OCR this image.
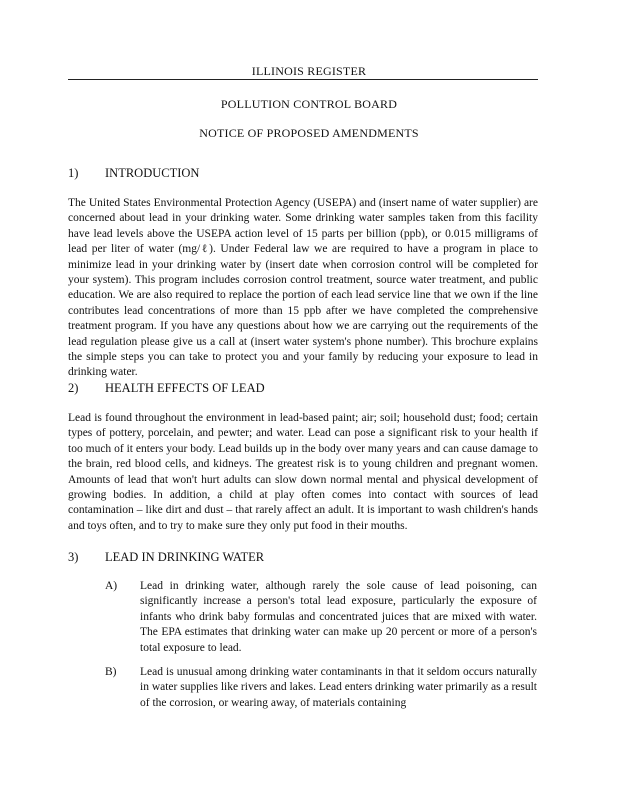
ILLINOIS REGISTER
POLLUTION CONTROL BOARD
NOTICE OF PROPOSED AMENDMENTS
1) INTRODUCTION
The United States Environmental Protection Agency (USEPA) and (insert name of water supplier) are concerned about lead in your drinking water. Some drinking water samples taken from this facility have lead levels above the USEPA action level of 15 parts per billion (ppb), or 0.015 milligrams of lead per liter of water (mg/ℓ). Under Federal law we are required to have a program in place to minimize lead in your drinking water by (insert date when corrosion control will be completed for your system). This program includes corrosion control treatment, source water treatment, and public education. We are also required to replace the portion of each lead service line that we own if the line contributes lead concentrations of more than 15 ppb after we have completed the comprehensive treatment program. If you have any questions about how we are carrying out the requirements of the lead regulation please give us a call at (insert water system's phone number). This brochure explains the simple steps you can take to protect you and your family by reducing your exposure to lead in drinking water.
2) HEALTH EFFECTS OF LEAD
Lead is found throughout the environment in lead-based paint; air; soil; household dust; food; certain types of pottery, porcelain, and pewter; and water. Lead can pose a significant risk to your health if too much of it enters your body. Lead builds up in the body over many years and can cause damage to the brain, red blood cells, and kidneys. The greatest risk is to young children and pregnant women. Amounts of lead that won't hurt adults can slow down normal mental and physical development of growing bodies. In addition, a child at play often comes into contact with sources of lead contamination – like dirt and dust – that rarely affect an adult. It is important to wash children's hands and toys often, and to try to make sure they only put food in their mouths.
3) LEAD IN DRINKING WATER
A) Lead in drinking water, although rarely the sole cause of lead poisoning, can significantly increase a person's total lead exposure, particularly the exposure of infants who drink baby formulas and concentrated juices that are mixed with water. The EPA estimates that drinking water can make up 20 percent or more of a person's total exposure to lead.
B) Lead is unusual among drinking water contaminants in that it seldom occurs naturally in water supplies like rivers and lakes. Lead enters drinking water primarily as a result of the corrosion, or wearing away, of materials containing
